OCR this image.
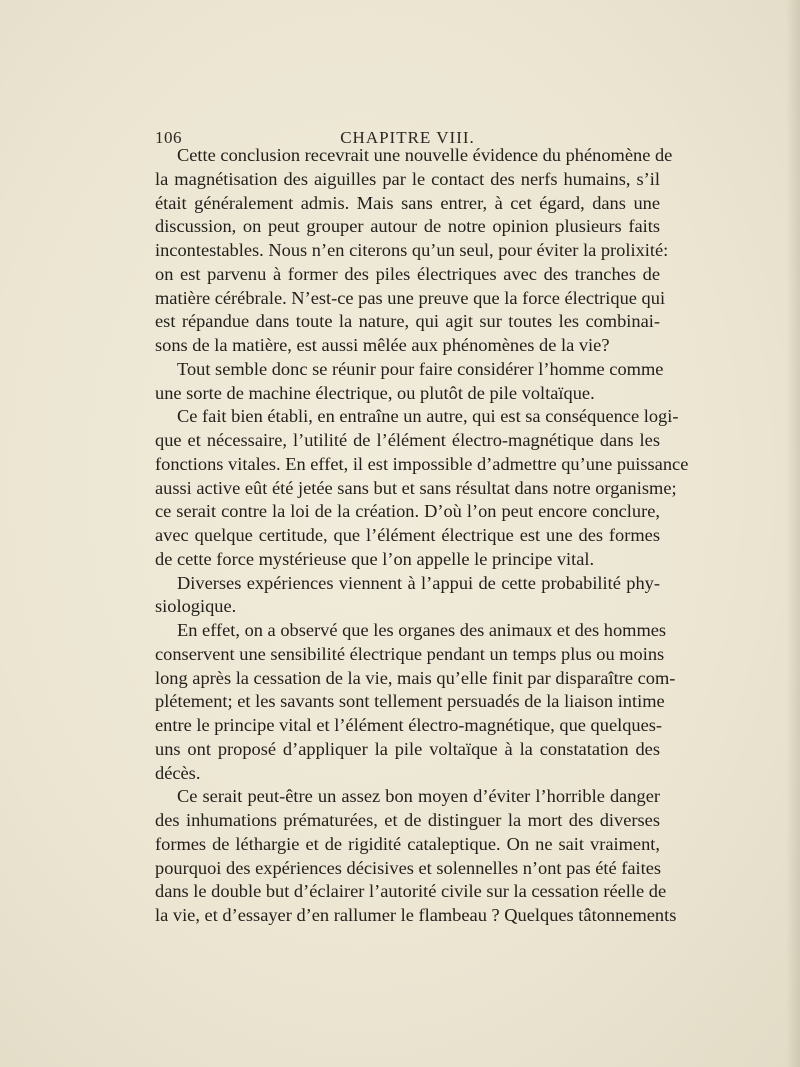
106	CHAPITRE VIII.
Cette conclusion recevrait une nouvelle évidence du phénomène de
la magnétisation des aiguilles par le contact des nerfs humains, s’il
était généralement admis. Mais sans entrer, à cet égard, dans une
discussion, on peut grouper autour de notre opinion plusieurs faits
incontestables. Nous n’en citerons qu’un seul, pour éviter la prolixité:
on est parvenu à former des piles électriques avec des tranches de
matière cérébrale. N’est-ce pas une preuve que la force électrique qui
est répandue dans toute la nature, qui agit sur toutes les combinai-
sons de la matière, est aussi mêlée aux phénomènes de la vie?
Tout semble donc se réunir pour faire considérer l’homme comme
une sorte de machine électrique, ou plutôt de pile voltaïque.
Ce fait bien établi, en entraîne un autre, qui est sa conséquence logi-
que et nécessaire, l’utilité de l’élément électro-magnétique dans les
fonctions vitales. En effet, il est impossible d’admettre qu’une puissance
aussi active eût été jetée sans but et sans résultat dans notre organisme;
ce serait contre la loi de la création. D’où l’on peut encore conclure,
avec quelque certitude, que l’élément électrique est une des formes
de cette force mystérieuse que l’on appelle le principe vital.
Diverses expériences viennent à l’appui de cette probabilité phy-
siologique.
En effet, on a observé que les organes des animaux et des hommes
conservent une sensibilité électrique pendant un temps plus ou moins
long après la cessation de la vie, mais qu’elle finit par disparaître com-
plétement; et les savants sont tellement persuadés de la liaison intime
entre le principe vital et l’élément électro-magnétique, que quelques-
uns ont proposé d’appliquer la pile voltaïque à la constatation des
décès.
Ce serait peut-être un assez bon moyen d’éviter l’horrible danger
des inhumations prématurées, et de distinguer la mort des diverses
formes de léthargie et de rigidité cataleptique. On ne sait vraiment,
pourquoi des expériences décisives et solennelles n’ont pas été faites
dans le double but d’éclairer l’autorité civile sur la cessation réelle de
la vie, et d’essayer d’en rallumer le flambeau ? Quelques tâtonnements
